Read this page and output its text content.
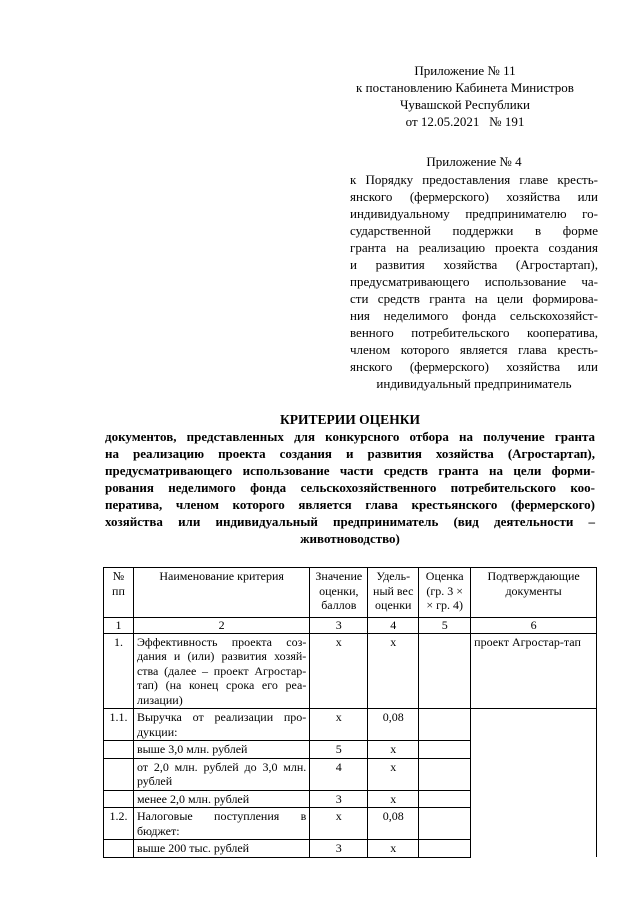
Приложение № 11
к постановлению Кабинета Министров
Чувашской Республики
от 12.05.2021   № 191
Приложение № 4
к Порядку предоставления главе кресть-
янского (фермерского) хозяйства или
индивидуальному предпринимателю го-
сударственной поддержки в форме
гранта на реализацию проекта создания
и развития хозяйства (Агростартап),
предусматривающего использование ча-
сти средств гранта на цели формирова-
ния неделимого фонда сельскохозяйст-
венного потребительского кооператива,
членом которого является глава кресть-
янского (фермерского) хозяйства или
индивидуальный предприниматель
КРИТЕРИИ ОЦЕНКИ
документов, представленных для конкурсного отбора на получение гранта
на реализацию проекта создания и развития хозяйства (Агростартап),
предусматривающего использование части средств гранта на цели форми-
рования неделимого фонда сельскохозяйственного потребительского коо-
ператива, членом которого является глава крестьянского (фермерского)
хозяйства или индивидуальный предприниматель (вид деятельности –
животноводство)
№ пп	Наименование критерия	Значение оценки, баллов	Удель-ный вес оценки	Оценка (гр. 3 × × гр. 4)	Подтверждающие документы
1	2	3	4	5	6
1.	Эффективность проекта соз-дания и (или) развития хозяй-ства (далее – проект Агростар-тап) (на конец срока его реа-лизации)	х	х		проект Агростар-тап
1.1.	Выручка от реализации про-дукции:	х	0,08		
	выше 3,0 млн. рублей	5	х		
	от 2,0 млн. рублей до 3,0 млн. рублей	4	х		
	менее 2,0 млн. рублей	3	х		
1.2.	Налоговые поступления в бюджет:	х	0,08		
	выше 200 тыс. рублей	3	х		
